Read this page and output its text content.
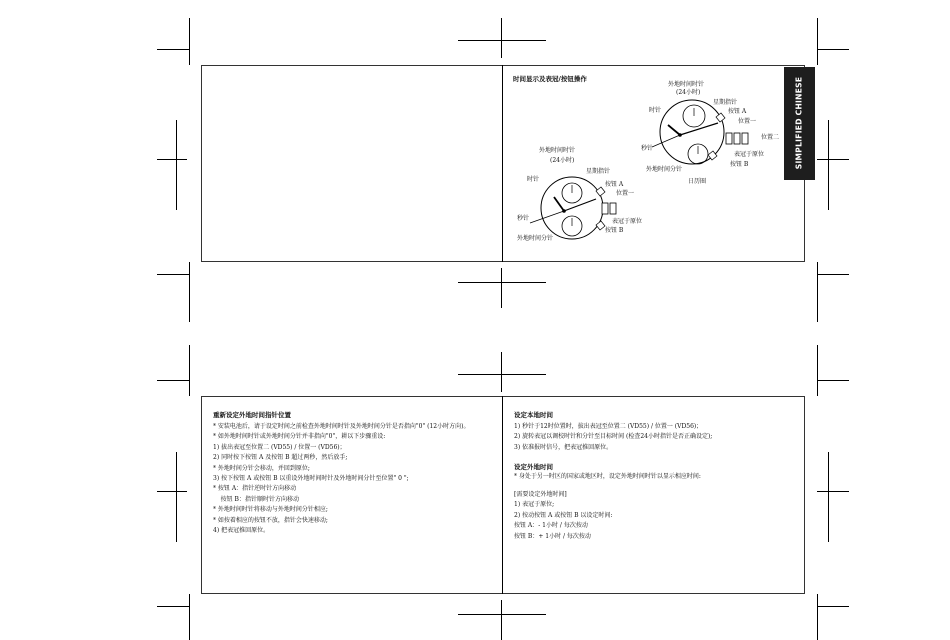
SIMPLIFIED CHINESE
时间显示及表冠/按钮操作
外地时间时针
(24小时)
星期指针
时针	按钮 A
位置一
位置二
秒针
表冠于原位
外地时间分针
按钮 B
日历圈
外地时间时针
(24小时)
星期指针
时针
按钮 A
位置一
秒针	表冠于原位
按钮 B
外地时间分针
重新设定外地时间指针位置
* 安装电池后，请于设定时间之前检查外地时间时针及外地时间分针是否指向"0" (12小时方向)。
* 如外地时间时针或外地时间分针并非指向"0"，耕以下步骤重设:
1) 拔出表冠至位置二 (VD55) / 位置一 (VD56)；
2) 同时按下按钮 A 及按钮 B 超过两秒，然后放手;
* 外地时间分针会移动，并回到原位;
3) 按下按钮 A 或按钮 B 以重设外地时间时针及外地时间分针至位置" 0 ";
* 按钮 A：指针逆时针方向移动
按钮 B：指针顺时针方向移动
* 外地时间时针将移动与外地时间分针相应;
* 如按着相应的按钮不放，指针会快速移动;
4) 把表冠推回原位。
设定本地时间
1) 秒针于12时位置时，拔出表冠至位置二 (VD55) / 位置一 (VD56)；
2) 旋转表冠以调校时针和分针至目标时间 (检查24小时指针是否正确设定);
3) 依准报时信号，把表冠推回原位。
设定外地时间
* 身处于另一时区的国家或地区时，设定外地时间时针以显示相应时间:
[需要设定外地时间]
1) 表冠于原位;
2) 按动按钮 A 或按钮 B 以设定时间:
按钮 A：- 1小时 / 每次按动
按钮 B：+ 1小时 / 每次按动
